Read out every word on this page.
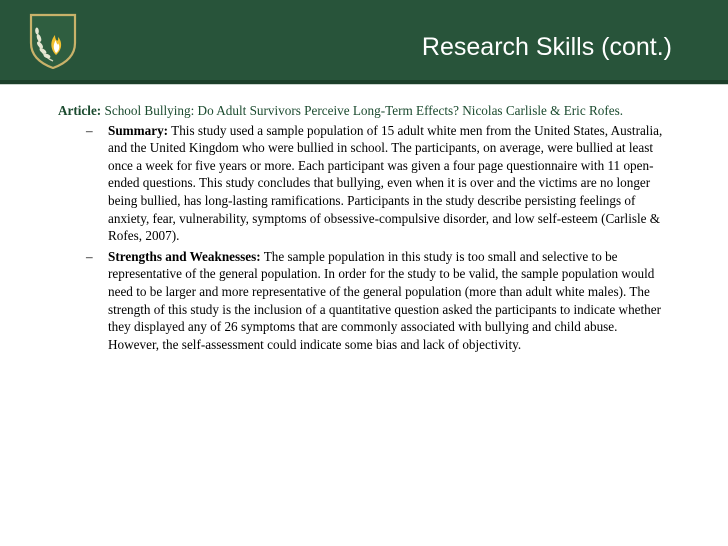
Research Skills (cont.)

Article: School Bullying: Do Adult Survivors Perceive Long-Term Effects? Nicolas Carlisle & Eric Rofes.

– Summary: This study used a sample population of 15 adult white men from the United States, Australia, and the United Kingdom who were bullied in school. The participants, on average, were bullied at least once a week for five years or more. Each participant was given a four page questionnaire with 11 open-ended questions. This study concludes that bullying, even when it is over and the victims are no longer being bullied, has long-lasting ramifications. Participants in the study describe persisting feelings of anxiety, fear, vulnerability, symptoms of obsessive-compulsive disorder, and low self-esteem (Carlisle & Rofes, 2007).

– Strengths and Weaknesses: The sample population in this study is too small and selective to be representative of the general population. In order for the study to be valid, the sample population would need to be larger and more representative of the general population (more than adult white males). The strength of this study is the inclusion of a quantitative question asked the participants to indicate whether they displayed any of 26 symptoms that are commonly associated with bullying and child abuse. However, the self-assessment could indicate some bias and lack of objectivity.
